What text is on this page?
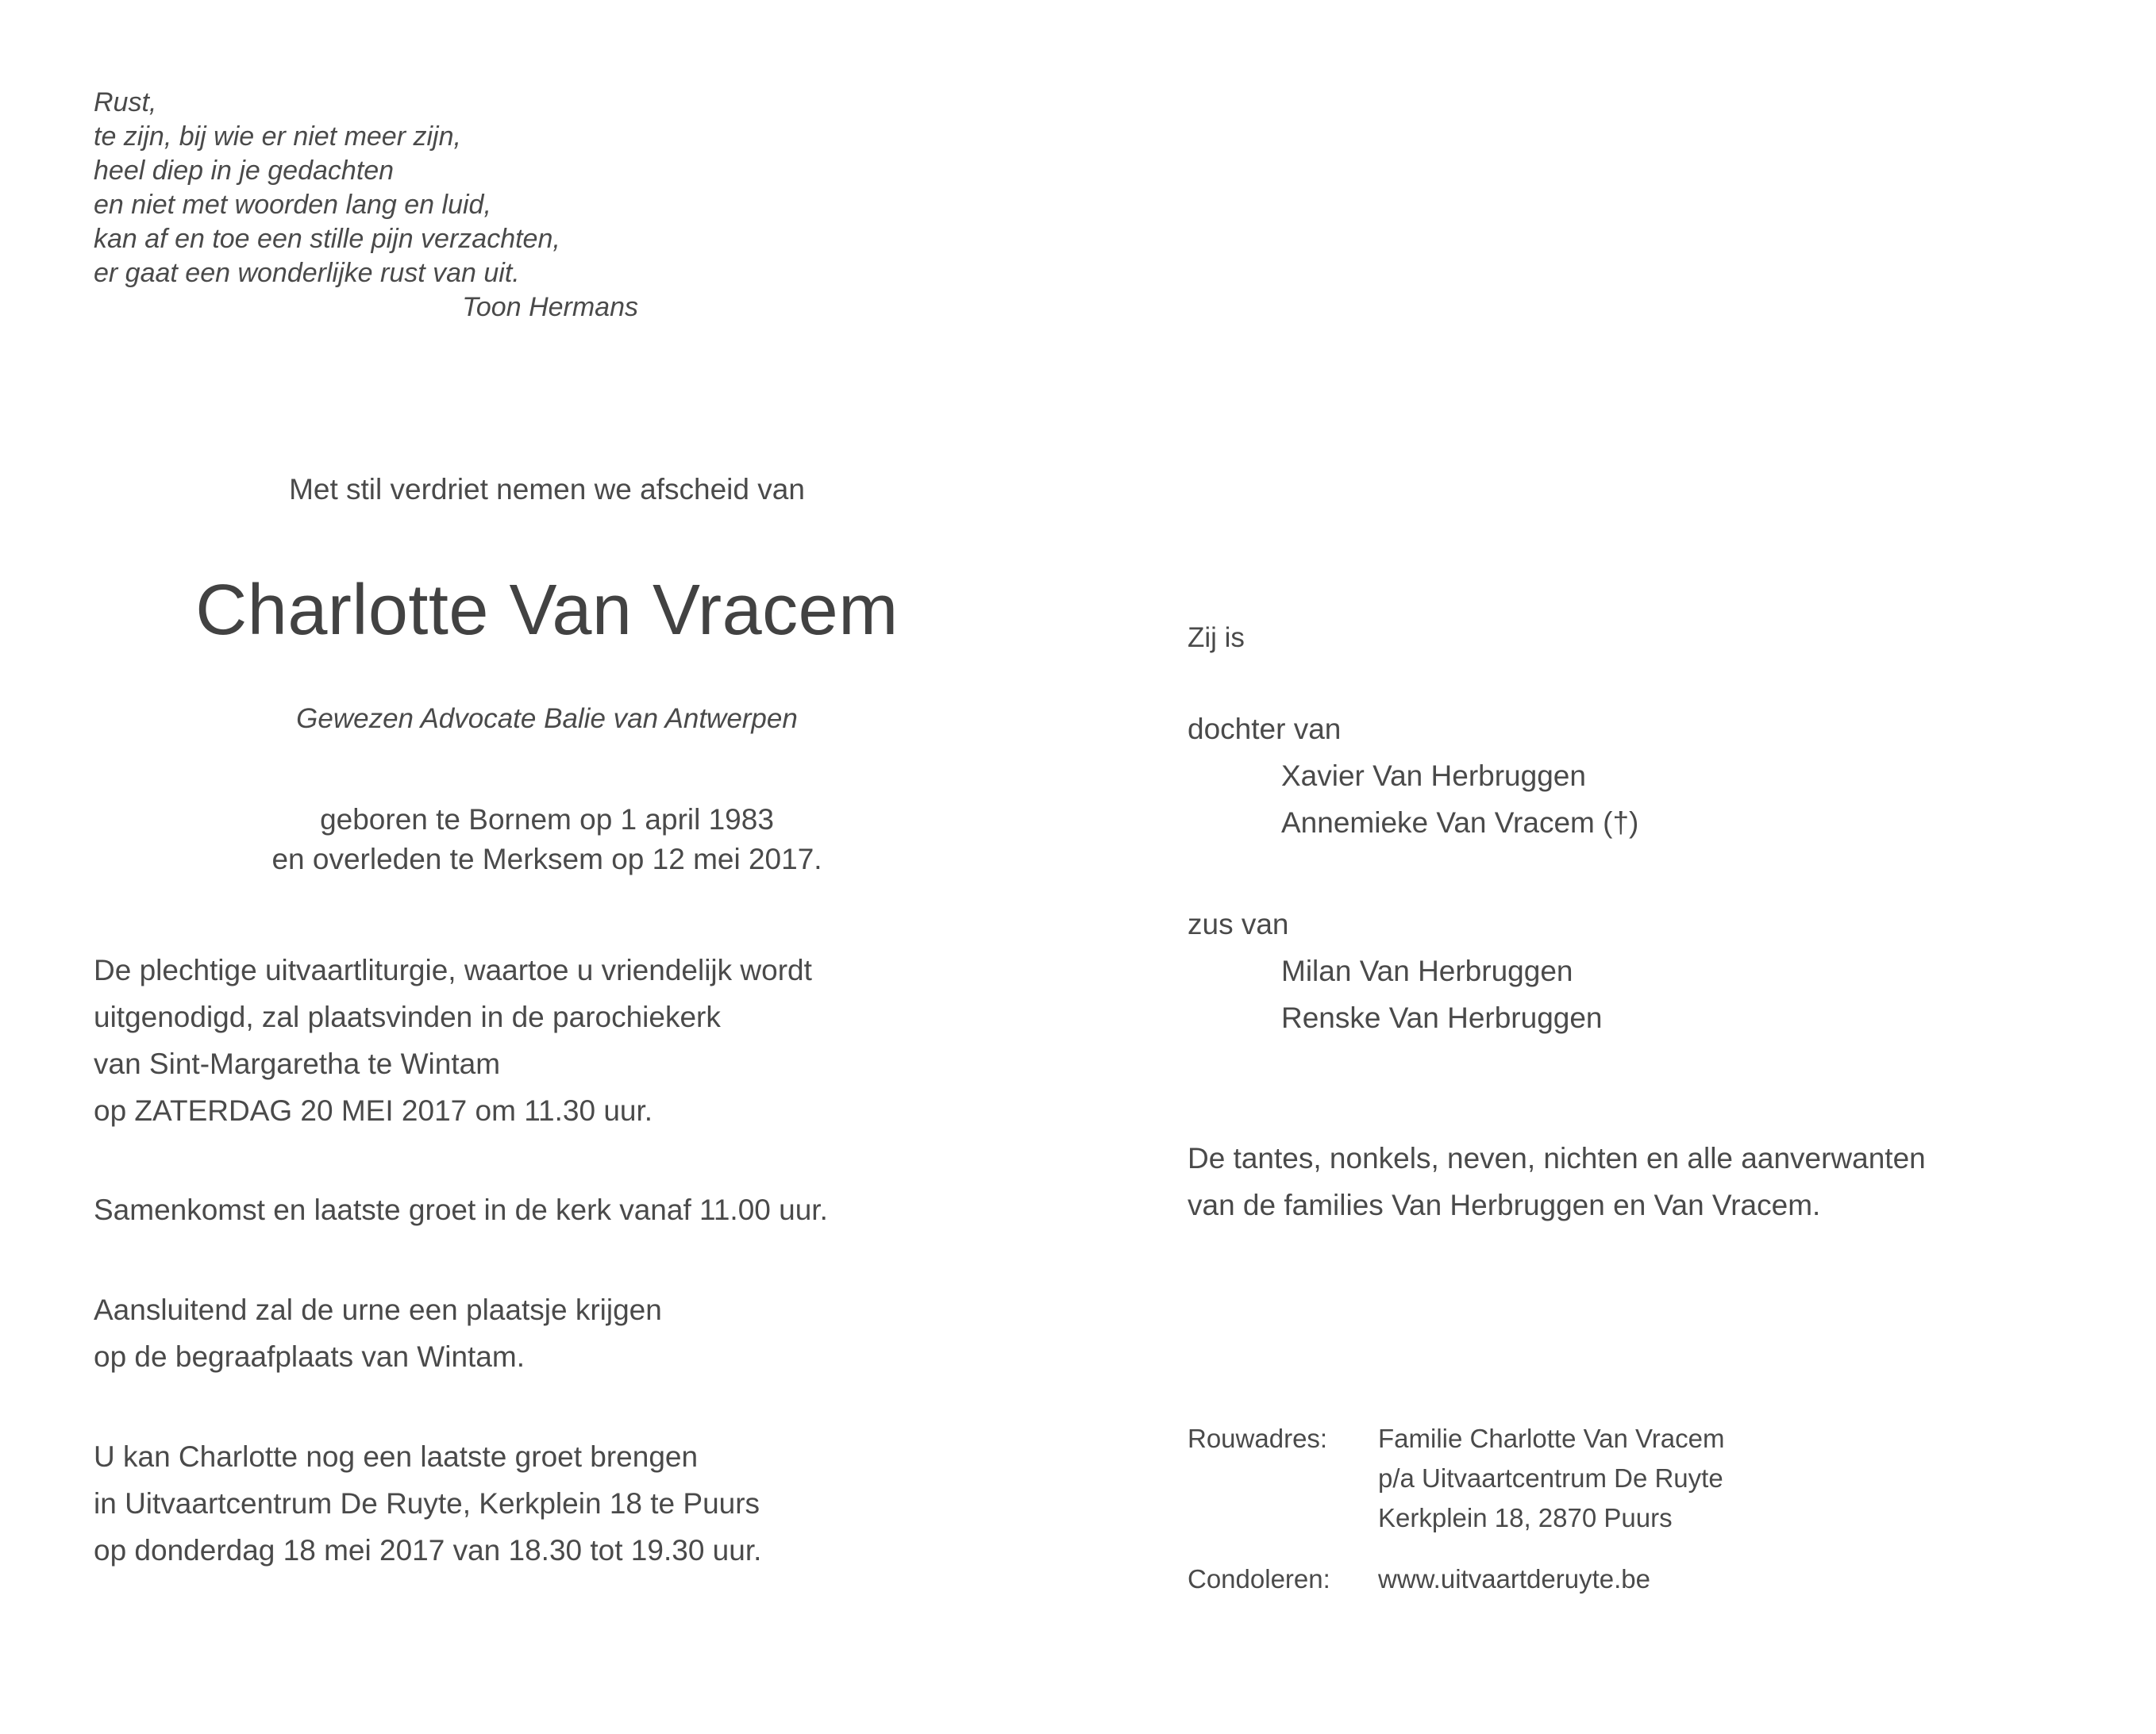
Rust,
te zijn, bij wie er niet meer zijn,
heel diep in je gedachten
en niet met woorden lang en luid,
kan af en toe een stille pijn verzachten,
er gaat een wonderlijke rust van uit.
Toon Hermans
Met stil verdriet nemen we afscheid van
Charlotte Van Vracem
Gewezen Advocate Balie van Antwerpen
geboren te Bornem op 1 april 1983
en overleden te Merksem op 12 mei 2017.
De plechtige uitvaartliturgie, waartoe u vriendelijk wordt
uitgenodigd, zal plaatsvinden in de parochiekerk
van Sint-Margaretha te Wintam
op ZATERDAG 20 MEI 2017 om 11.30 uur.
Samenkomst en laatste groet in de kerk vanaf 11.00 uur.
Aansluitend zal de urne een plaatsje krijgen
op de begraafplaats van Wintam.
U kan Charlotte nog een laatste groet brengen
in Uitvaartcentrum De Ruyte, Kerkplein 18 te Puurs
op donderdag 18 mei 2017 van 18.30 tot 19.30 uur.
Zij is
dochter van
Xavier Van Herbruggen
Annemieke Van Vracem (†)
zus van
Milan Van Herbruggen
Renske Van Herbruggen
De tantes, nonkels, neven, nichten en alle aanverwanten
van de families Van Herbruggen en Van Vracem.
Rouwadres: Familie Charlotte Van Vracem
p/a Uitvaartcentrum De Ruyte
Kerkplein 18, 2870 Puurs
Condoleren: www.uitvaartderuyte.be
